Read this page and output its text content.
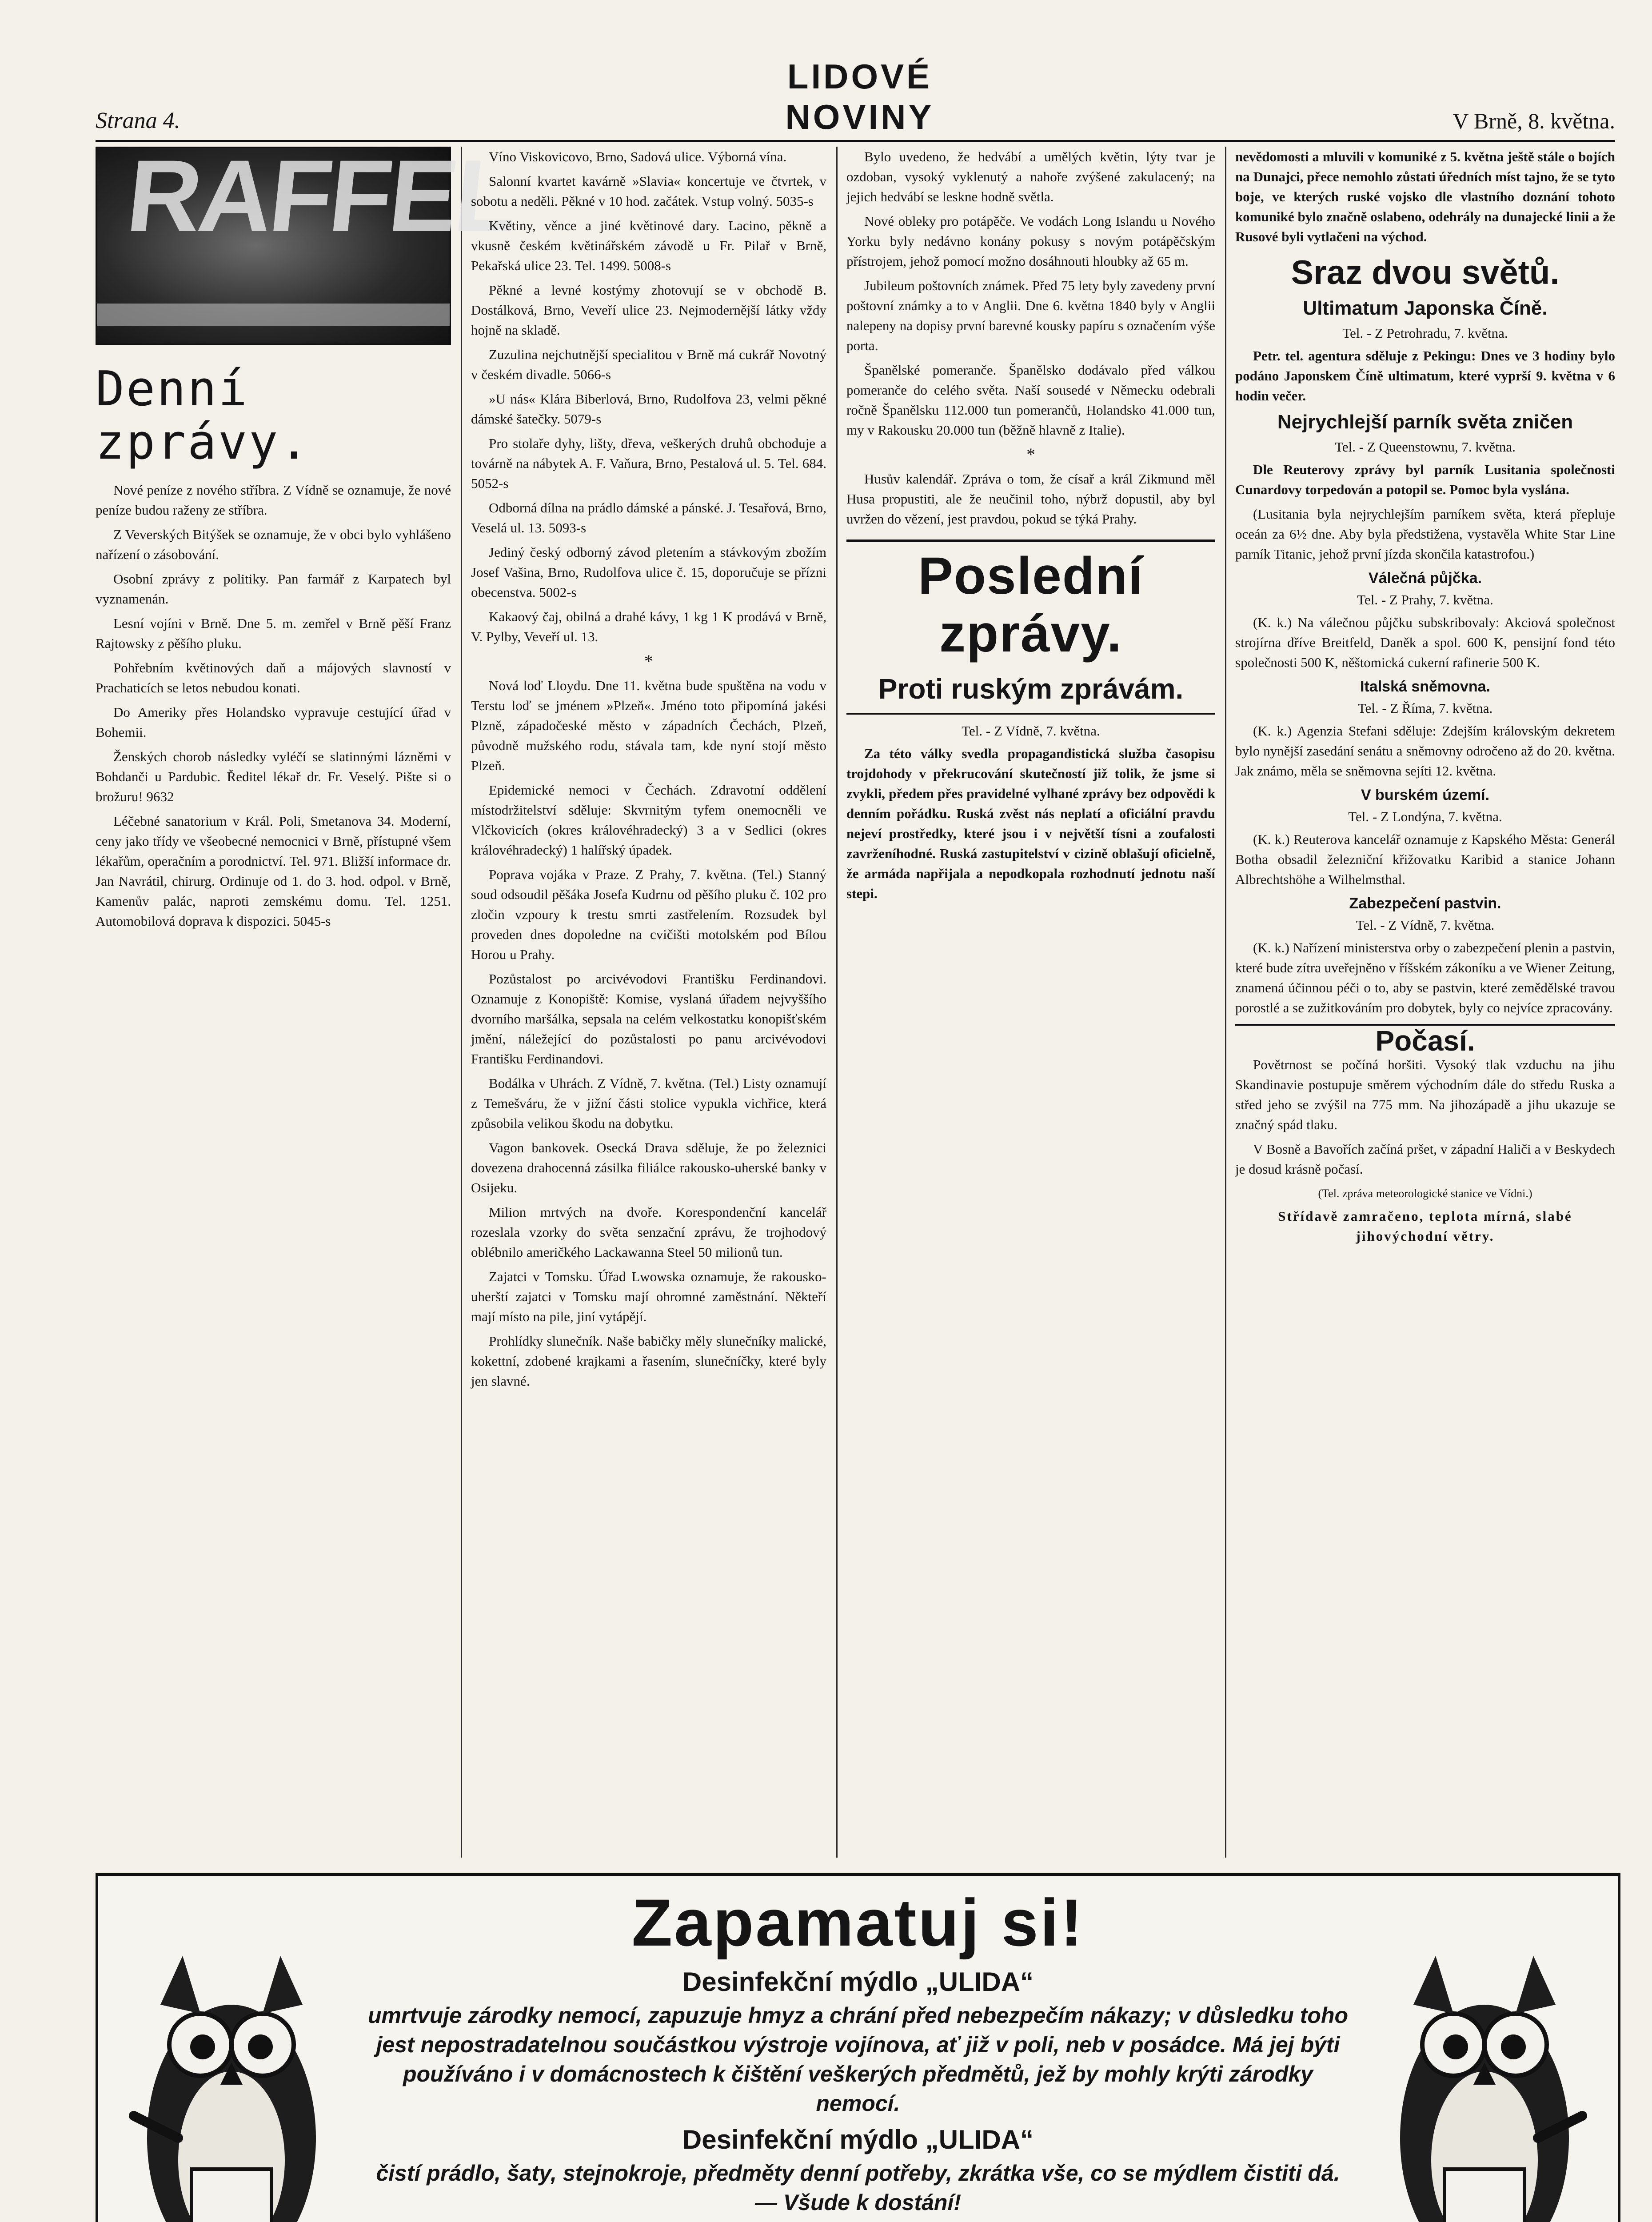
Strana 4.
LIDOVÉ NOVINY	V Brně, 8. května.
RAFFEL
Denní zprávy.

Nové peníze z nového stříbra. Z Vídně se oznamuje, že nové peníze budou raženy ze stříbra.

Z Veverských Bitýšek se oznamuje, že v obci bylo vyhlášeno nařízení o zásobování.

Osobní zprávy z politiky. Pan farmář z Karpatech byl vyznamenán.

Lesní vojíni v Brně. Dne 5. m. zemřel v Brně pěší Franz Rajtowsky z pěšího pluku.

Pohřebním květinových daň a májových slavností v Prachaticích se letos nebudou konati.

Do Ameriky přes Holandsko vypravuje cestující úřad v Bohemii.

Ženských chorob následky vyléčí se slatinnými lázněmi v Bohdanči u Pardubic. Ředitel lékař dr. Fr. Veselý. Pište si o brožuru! 9632

Léčebné sanatorium v Král. Poli, Smetanova 34. Moderní, ceny jako třídy ve všeobecné nemocnici v Brně, přístupné všem lékařům, operačním a porodnictví. Tel. 971. Bližší informace dr. Jan Navrátil, chirurg. Ordinuje od 1. do 3. hod. odpol. v Brně, Kamenův palác, naproti zemskému domu. Tel. 1251. Automobilová doprava k dispozici. 5045-s

Víno Viskovicovo, Brno, Sadová ulice. Výborná vína.

Salonní kvartet kavárně »Slavia« koncertuje ve čtvrtek, v sobotu a neděli. Pěkné v 10 hod. začátek. Vstup volný. 5035-s

Květiny, věnce a jiné květinové dary. Lacino, pěkně a vkusně českém květinářském závodě u Fr. Pilař v Brně, Pekařská ulice 23. Tel. 1499. 5008-s

Pěkné a levné kostýmy zhotovují se v obchodě B. Dostálková, Brno, Veveří ulice 23. Nejmodernější látky vždy hojně na skladě.

Zuzulina nejchutnější specialitou v Brně má cukrář Novotný v českém divadle. 5066-s

»U nás« Klára Biberlová, Brno, Rudolfova 23, velmi pěkné dámské šatečky. 5079-s

Pro stolaře dyhy, lišty, dřeva, veškerých druhů obchoduje a továrně na nábytek A. F. Vaňura, Brno, Pestalová ul. 5. Tel. 684. 5052-s

Odborná dílna na prádlo dámské a pánské. J. Tesařová, Brno, Veselá ul. 13. 5093-s

Jediný český odborný závod pletením a stávkovým zbožím Josef Vašina, Brno, Rudolfova ulice č. 15, doporučuje se přízni obecenstva. 5002-s

Kakaový čaj, obilná a drahé kávy, 1 kg 1 K prodává v Brně, V. Pylby, Veveří ul. 13.

*

Nová loď Lloydu. Dne 11. května bude spuštěna na vodu v Terstu loď se jménem »Plzeň«. Jméno toto připomíná jakési Plzně, západočeské město v západních Čechách, Plzeň, původně mužského rodu, stávala tam, kde nyní stojí město Plzeň.

Epidemické nemoci v Čechách. Zdravotní oddělení místodržitelství sděluje: Skvrnitým tyfem onemocněli ve Vlčkovicích (okres královéhradecký) 3 a v Sedlici (okres královéhradecký) 1 halířský úpadek.

Poprava vojáka v Praze. Z Prahy, 7. května. (Tel.) Stanný soud odsoudil pěšáka Josefa Kudrnu od pěšího pluku č. 102 pro zločin vzpoury k trestu smrti zastřelením. Rozsudek byl proveden dnes dopoledne na cvičišti motolském pod Bílou Horou u Prahy.

Pozůstalost po arcivévodovi Františku Ferdinandovi. Oznamuje z Konopiště: Komise, vyslaná úřadem nejvyššího dvorního maršálka, sepsala na celém velkostatku konopišťském jmění, náležející do pozůstalosti po panu arcivévodovi Františku Ferdinandovi.

Bodálka v Uhrách. Z Vídně, 7. května. (Tel.) Listy oznamují z Temešváru, že v jižní části stolice vypukla vichřice, která způsobila velikou škodu na dobytku.

Vagon bankovek. Osecká Drava sděluje, že po železnici dovezena drahocenná zásilka filiálce rakousko-uherské banky v Osijeku.

Milion mrtvých na dvoře. Korespondenční kancelář rozeslala vzorky do světa senzační zprávu, že trojhodový oblébnilo američkého Lackawanna Steel 50 milionů tun.

Zajatci v Tomsku. Úřad Lwowska oznamuje, že rakousko-uherští zajatci v Tomsku mají ohromné zaměstnání. Někteří mají místo na pile, jiní vytápějí.

Prohlídky slunečník. Naše babičky měly slunečníky malické, kokettní, zdobené krajkami a řasením, slunečníčky, které byly jen slavné.

Bylo uvedeno, že hedvábí a umělých květin, lýty tvar je ozdoban, vysoký vyklenutý a nahoře zvýšené zakulacený; na jejich hedvábí se leskne hodně světla.

Nové obleky pro potápěče. Ve vodách Long Islandu u Nového Yorku byly nedávno konány pokusy s novým potápěčským přístrojem, jehož pomocí možno dosáhnouti hloubky až 65 m.

Jubileum poštovních známek. Před 75 lety byly zavedeny první poštovní známky a to v Anglii. Dne 6. května 1840 byly v Anglii nalepeny na dopisy první barevné kousky papíru s označením výše porta.

Španělské pomeranče. Španělsko dodávalo před válkou pomeranče do celého světa. Naší sousedé v Německu odebrali ročně Španělsku 112.000 tun pomerančů, Holandsko 41.000 tun, my v Rakousku 20.000 tun (běžně hlavně z Italie).

*

Husův kalendář. Zpráva o tom, že císař a král Zikmund měl Husa propustiti, ale že neučinil toho, nýbrž dopustil, aby byl uvržen do vězení, jest pravdou, pokud se týká Prahy.

Poslední zprávy.
Proti ruským zprávám.

Tel. - Z Vídně, 7. května.

Za této války svedla propagandistická služba časopisu trojdohody v překrucování skutečností již tolik, že jsme si zvykli, předem přes pravidelné vylhané zprávy bez odpovědi k denním pořádku. Ruská zvěst nás neplatí a oficiální pravdu nejeví prostředky, které jsou i v největší tísni a zoufalosti zavrženíhodné. Ruská zastupitelství v cizině oblašují oficielně, že armáda napřijala a nepodkopala rozhodnutí jednotu naší stepi.

nevědomosti a mluvili v komuniké z 5. května ještě stále o bojích na Dunajci, přece nemohlo zůstati úředních míst tajno, že se tyto boje, ve kterých ruské vojsko dle vlastního doznání tohoto komuniké bylo značně oslabeno, odehrály na dunajecké linii a že Rusové byli vytlačeni na východ.

Sraz dvou světů.
Ultimatum Japonska Číně.

Tel. - Z Petrohradu, 7. května.

Petr. tel. agentura sděluje z Pekingu: Dnes ve 3 hodiny bylo podáno Japonskem Číně ultimatum, které vyprší 9. května v 6 hodin večer.

Nejrychlejší parník světa zničen

Tel. - Z Queenstownu, 7. května.

Dle Reuterovy zprávy byl parník Lusitania společnosti Cunardovy torpedován a potopil se. Pomoc byla vyslána.

(Lusitania byla nejrychlejším parníkem světa, která přepluje oceán za 6½ dne. Aby byla předstižena, vystavěla White Star Line parník Titanic, jehož první jízda skončila katastrofou.)

Válečná půjčka.

Tel. - Z Prahy, 7. května.

(K. k.) Na válečnou půjčku subskribovaly: Akciová společnost strojírna dříve Breitfeld, Daněk a spol. 600 K, pensijní fond této společnosti 500 K, něštomická cukerní rafinerie 500 K.

Italská sněmovna.

Tel. - Z Říma, 7. května.

(K. k.) Agenzia Stefani sděluje: Zdejším královským dekretem bylo nynější zasedání senátu a sněmovny odročeno až do 20. května. Jak známo, měla se sněmovna sejíti 12. května.

V burském území.

Tel. - Z Londýna, 7. května.

(K. k.) Reuterova kancelář oznamuje z Kapského Města: Generál Botha obsadil železniční křižovatku Karibid a stanice Johann Albrechtshöhe a Wilhelmsthal.

Zabezpečení pastvin.

Tel. - Z Vídně, 7. května.

(K. k.) Nařízení ministerstva orby o zabezpečení plenin a pastvin, které bude zítra uveřejněno v říšském zákoníku a ve Wiener Zeitung, znamená účinnou péči o to, aby se pastvin, které zemědělské travou porostlé a se zužitkováním pro dobytek, byly co nejvíce zpracovány.

Počasí.

Povětrnost se počíná horšiti. Vysoký tlak vzduchu na jihu Skandinavie postupuje směrem východním dále do středu Ruska a střed jeho se zvýšil na 775 mm. Na jihozápadě a jihu ukazuje se značný spád tlaku.

V Bosně a Bavořích začíná pršet, v západní Haliči a v Beskydech je dosud krásně počasí.

(Tel. zpráva meteorologické stanice ve Vídni.)

Střídavě zamračeno, teplota mírná, slabé jihovýchodní větry.

Zapamatuj si!
Desinfekční mýdlo „ULIDA“
umrtvuje zárodky nemocí, zapuzuje hmyz a chrání před nebezpečím nákazy; v důsledku toho jest nepostradatelnou součástkou výstroje vojínova, ať již v poli, neb v posádce. Má jej býti používáno i v domácnostech k čištění veškerých předmětů, jež by mohly krýti zárodky nemocí.
Desinfekční mýdlo „ULIDA“
čistí prádlo, šaty, stejnokroje, předměty denní potřeby, zkrátka vše, co se mýdlem čistiti dá. — Všude k dostání!
